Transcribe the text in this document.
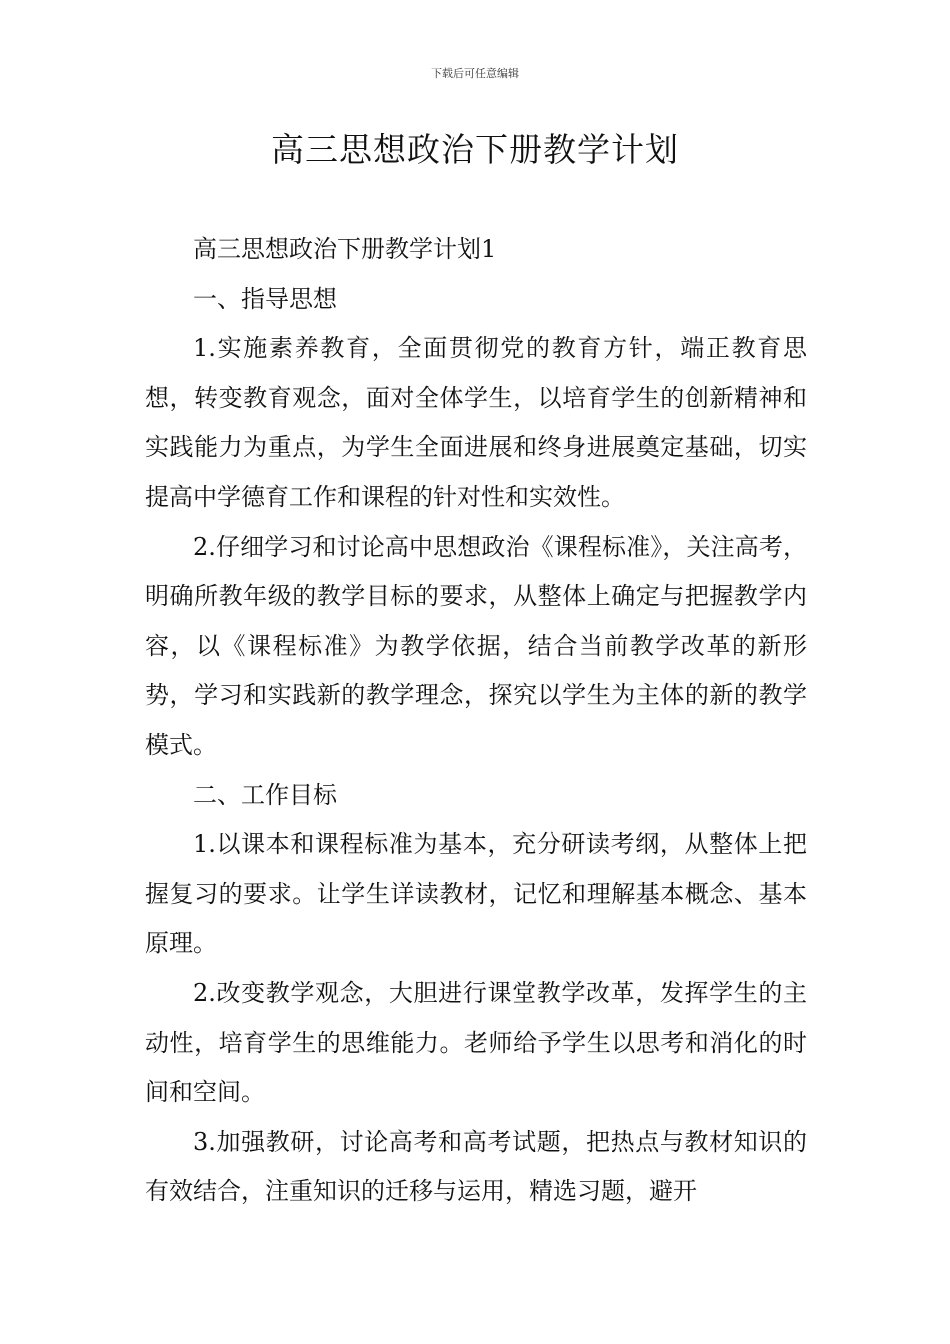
下载后可任意编辑
高三思想政治下册教学计划

高三思想政治下册教学计划1

一、指导思想

1.实施素养教育，全面贯彻党的教育方针，端正教育思想，转变教育观念，面对全体学生，以培育学生的创新精神和实践能力为重点，为学生全面进展和终身进展奠定基础，切实提高中学德育工作和课程的针对性和实效性。

2.仔细学习和讨论高中思想政治《课程标准》，关注高考，明确所教年级的教学目标的要求，从整体上确定与把握教学内容，以《课程标准》为教学依据，结合当前教学改革的新形势，学习和实践新的教学理念，探究以学生为主体的新的教学模式。

二、工作目标

1.以课本和课程标准为基本，充分研读考纲，从整体上把握复习的要求。让学生详读教材，记忆和理解基本概念、基本原理。

2.改变教学观念，大胆进行课堂教学改革，发挥学生的主动性，培育学生的思维能力。老师给予学生以思考和消化的时间和空间。

3.加强教研，讨论高考和高考试题，把热点与教材知识的有效结合，注重知识的迁移与运用，精选习题，避开
